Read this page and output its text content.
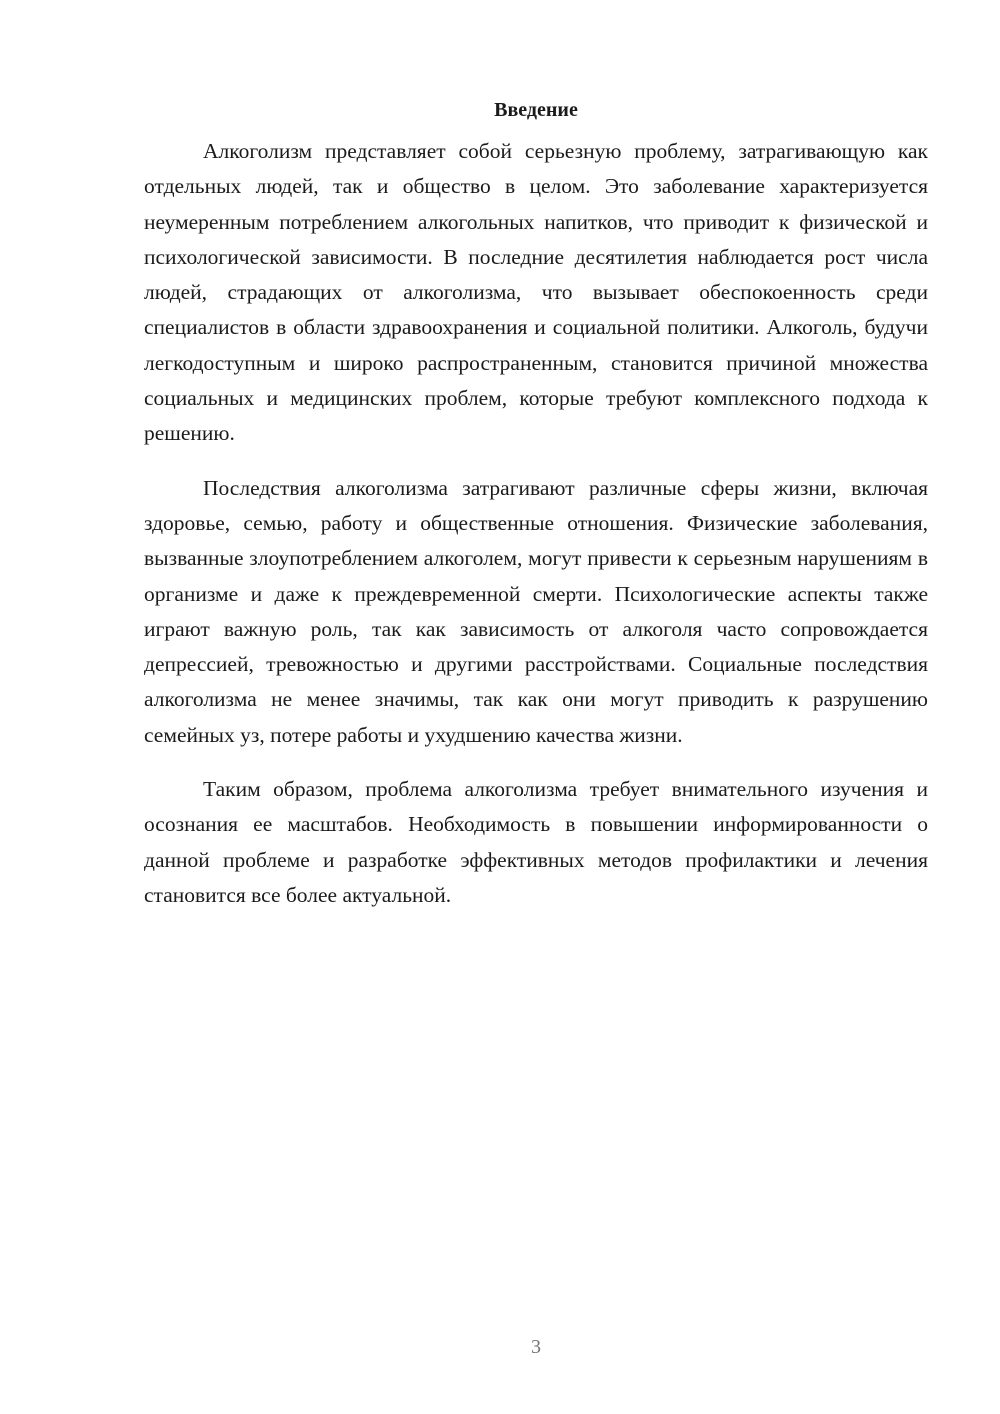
Введение

Алкоголизм представляет собой серьезную проблему, затрагивающую как отдельных людей, так и общество в целом. Это заболевание характеризуется неумеренным потреблением алкогольных напитков, что приводит к физической и психологической зависимости. В последние десятилетия наблюдается рост числа людей, страдающих от алкоголизма, что вызывает обеспокоенность среди специалистов в области здравоохранения и социальной политики. Алкоголь, будучи легкодоступным и широко распространенным, становится причиной множества социальных и медицинских проблем, которые требуют комплексного подхода к решению.

Последствия алкоголизма затрагивают различные сферы жизни, включая здоровье, семью, работу и общественные отношения. Физические заболевания, вызванные злоупотреблением алкоголем, могут привести к серьезным нарушениям в организме и даже к преждевременной смерти. Психологические аспекты также играют важную роль, так как зависимость от алкоголя часто сопровождается депрессией, тревожностью и другими расстройствами. Социальные последствия алкоголизма не менее значимы, так как они могут приводить к разрушению семейных уз, потере работы и ухудшению качества жизни.

Таким образом, проблема алкоголизма требует внимательного изучения и осознания ее масштабов. Необходимость в повышении информированности о данной проблеме и разработке эффективных методов профилактики и лечения становится все более актуальной.

3
